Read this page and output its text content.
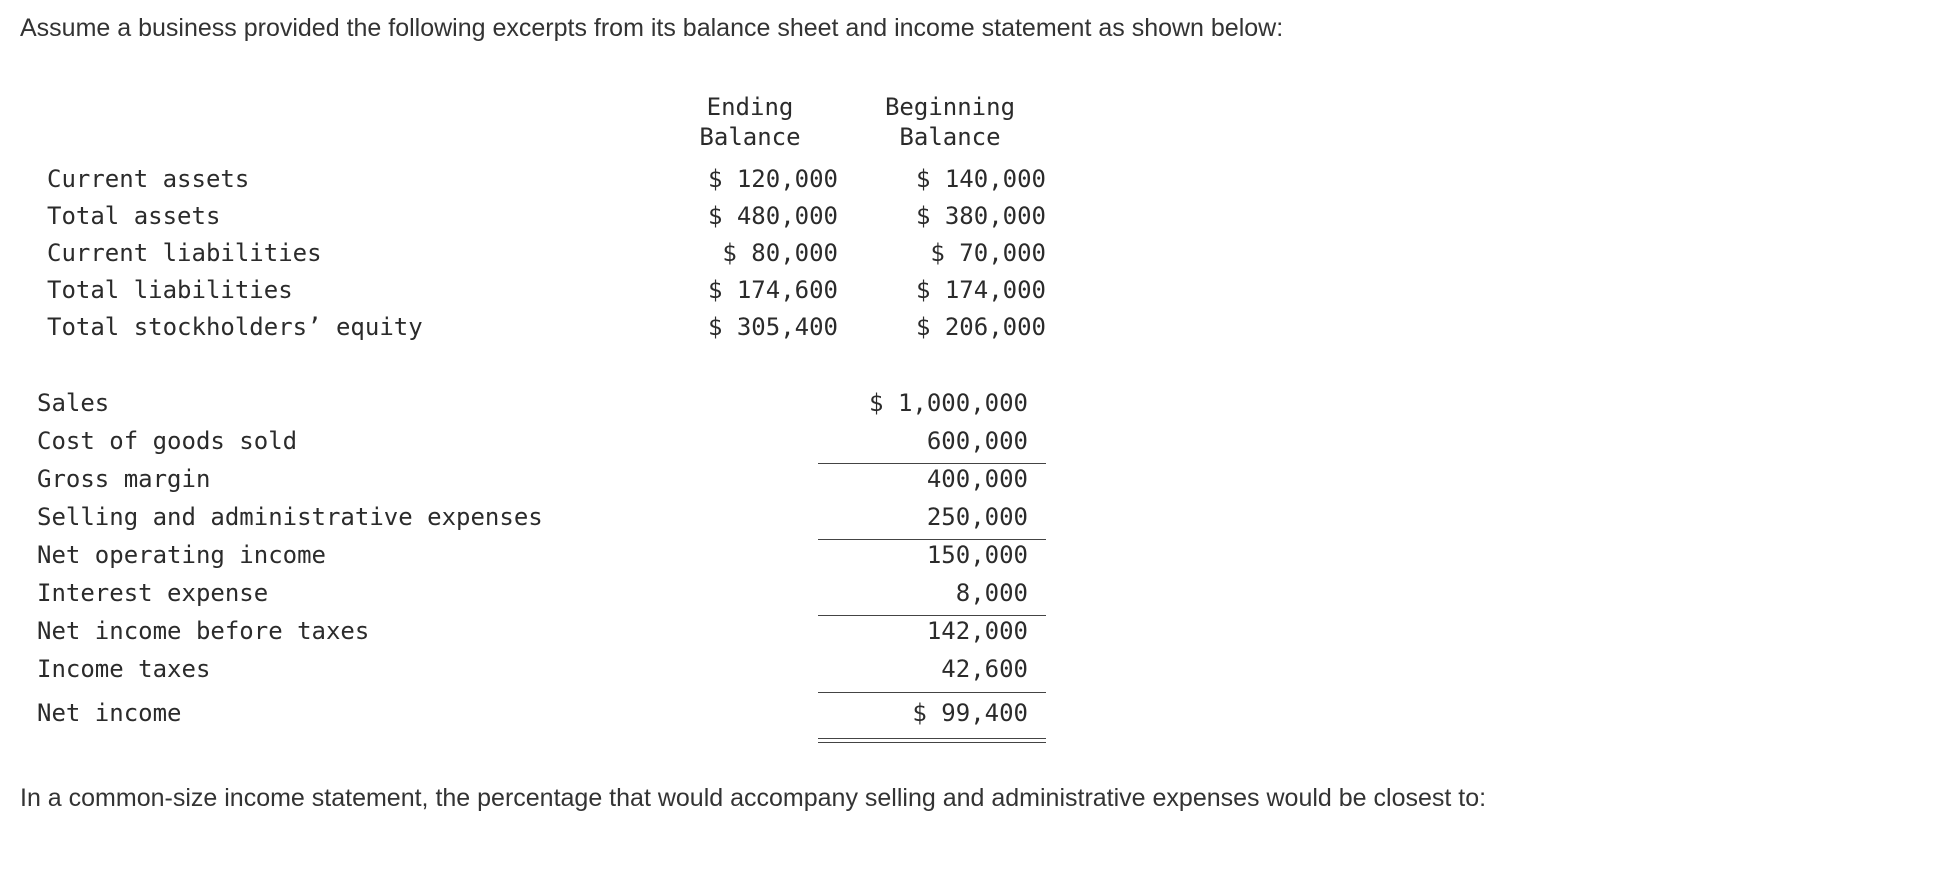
Assume a business provided the following excerpts from its balance sheet and income statement as shown below:
Ending
Balance
Beginning
Balance
Current assets	$ 120,000	$ 140,000
Total assets	$ 480,000	$ 380,000
Current liabilities	$ 80,000	$ 70,000
Total liabilities	$ 174,600	$ 174,000
Total stockholders’ equity	$ 305,400	$ 206,000
Sales	$ 1,000,000
Cost of goods sold	600,000
Gross margin	400,000
Selling and administrative expenses	250,000
Net operating income	150,000
Interest expense	8,000
Net income before taxes	142,000
Income taxes	42,600
Net income	$ 99,400
In a common-size income statement, the percentage that would accompany selling and administrative expenses would be closest to:
